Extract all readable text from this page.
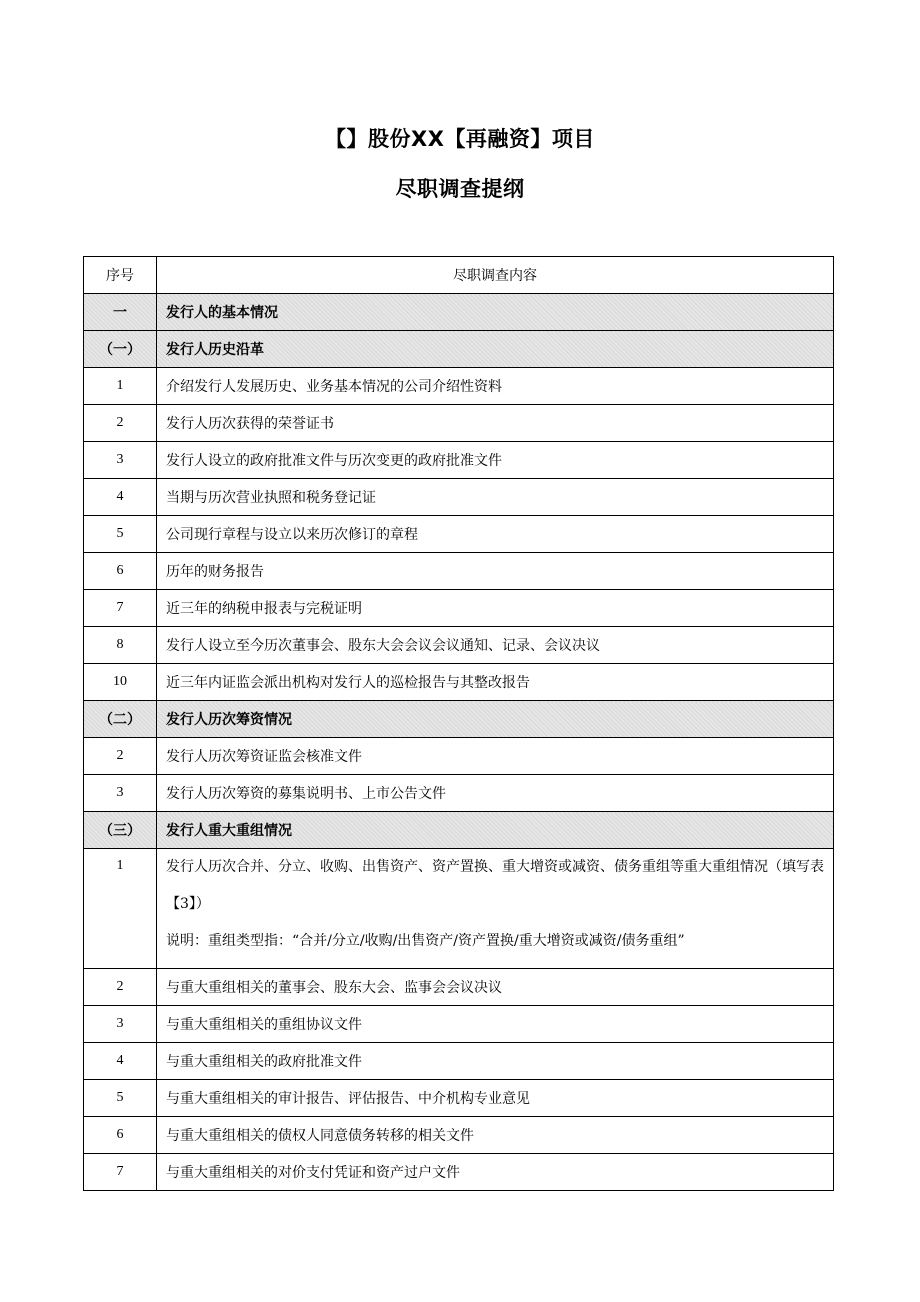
【】股份XX【再融资】项目
尽职调查提纲
序号	尽职调查内容
一	发行人的基本情况
（一）	发行人历史沿革
1	介绍发行人发展历史、业务基本情况的公司介绍性资料
2	发行人历次获得的荣誉证书
3	发行人设立的政府批准文件与历次变更的政府批准文件
4	当期与历次营业执照和税务登记证
5	公司现行章程与设立以来历次修订的章程
6	历年的财务报告
7	近三年的纳税申报表与完税证明
8	发行人设立至今历次董事会、股东大会会议会议通知、记录、会议决议
10	近三年内证监会派出机构对发行人的巡检报告与其整改报告
（二）	发行人历次筹资情况
2	发行人历次筹资证监会核准文件
3	发行人历次筹资的募集说明书、上市公告文件
（三）	发行人重大重组情况
1	发行人历次合并、分立、收购、出售资产、资产置换、重大增资或减资、债务重组等重大重组情况（填写表【3】）
说明：重组类型指：“合并/分立/收购/出售资产/资产置换/重大增资或减资/债务重组”

2	与重大重组相关的董事会、股东大会、监事会会议决议
3	与重大重组相关的重组协议文件
4	与重大重组相关的政府批准文件
5	与重大重组相关的审计报告、评估报告、中介机构专业意见
6	与重大重组相关的债权人同意债务转移的相关文件
7	与重大重组相关的对价支付凭证和资产过户文件
